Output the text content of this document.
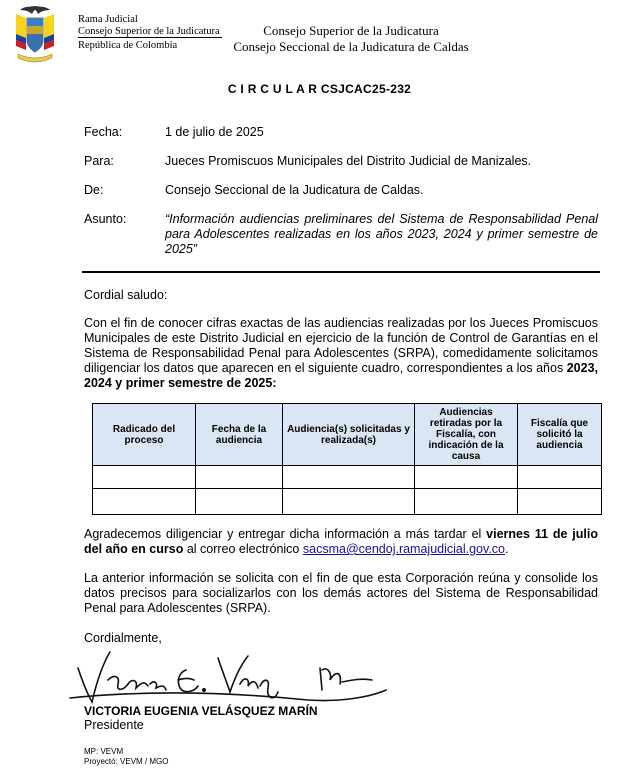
Rama Judicial
Consejo Superior de la Judicatura
República de Colombia
Consejo Superior de la Judicatura
Consejo Seccional de la Judicatura de Caldas
C I R C U L A R CSJCAC25-232
Fecha:	1 de julio de 2025
Para:	Jueces Promiscuos Municipales del Distrito Judicial de Manizales.
De:	Consejo Seccional de la Judicatura de Caldas.
Asunto:	“Información audiencias preliminares del Sistema de Responsabilidad Penal para Adolescentes realizadas en los años 2023, 2024 y primer semestre de 2025”
Cordial saludo:
Con el fin de conocer cifras exactas de las audiencias realizadas por los Jueces Promiscuos Municipales de este Distrito Judicial en ejercicio de la función de Control de Garantías en el Sistema de Responsabilidad Penal para Adolescentes (SRPA), comedidamente solicitamos diligenciar los datos que aparecen en el siguiente cuadro, correspondientes a los años 2023, 2024 y primer semestre de 2025:
Radicado del proceso	Fecha de la audiencia	Audiencia(s) solicitadas y realizada(s)	Audiencias retiradas por la Fiscalía, con indicación de la causa	Fiscalía que solicitó la audiencia

Agradecemos diligenciar y entregar dicha información a más tardar el viernes 11 de julio del año en curso al correo electrónico sacsma@cendoj.ramajudicial.gov.co.
La anterior información se solicita con el fin de que esta Corporación reúna y consolide los datos precisos para socializarlos con los demás actores del Sistema de Responsabilidad Penal para Adolescentes (SRPA).
Cordialmente,
VICTORIA EUGENIA VELÁSQUEZ MARÍN
Presidente
MP: VEVM
Proyectó: VEVM / MGO
